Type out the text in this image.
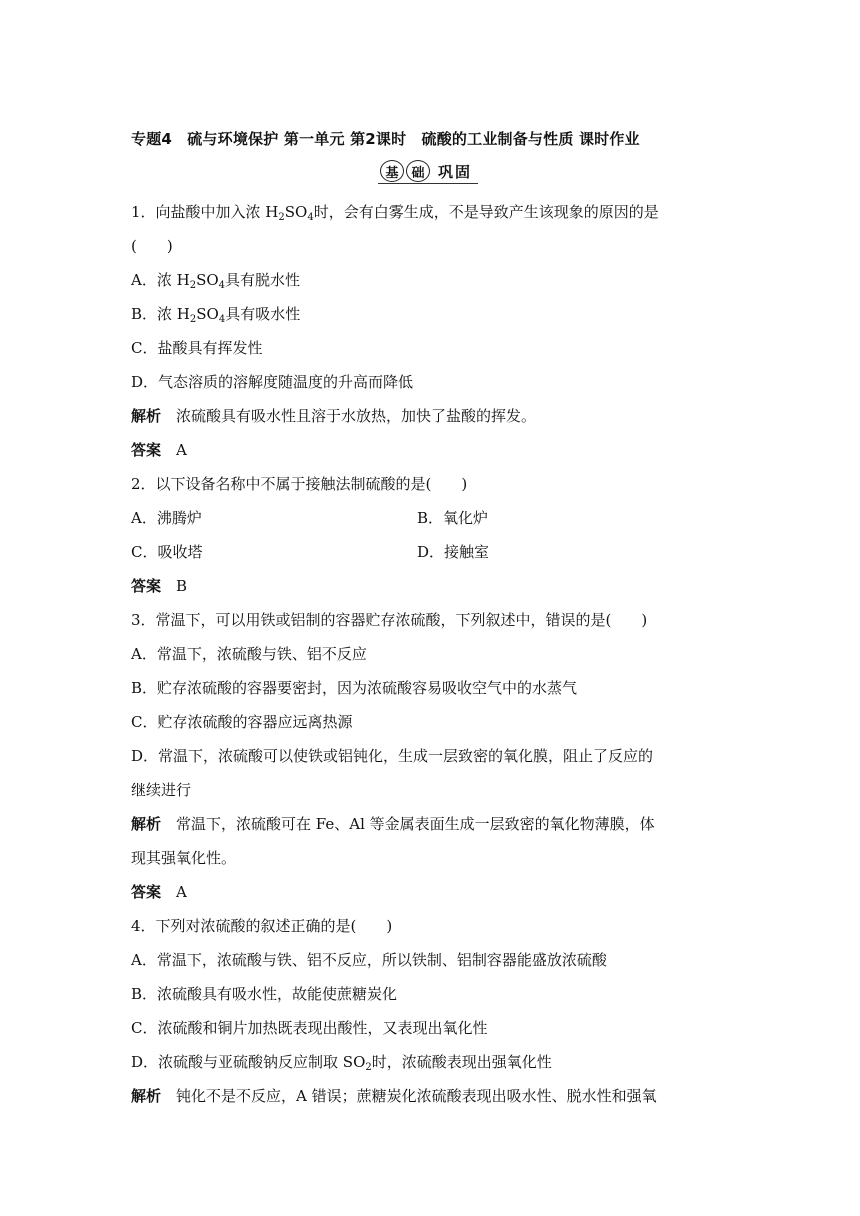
专题4　硫与环境保护 第一单元 第2课时　硫酸的工业制备与性质 课时作业
基 础 巩固
1．向盐酸中加入浓 $H_2SO_4$时，会有白雾生成，不是导致产生该现象的原因的是
(　　)
A．浓 $H_2SO_4$具有脱水性
B．浓 $H_2SO_4$具有吸水性
C．盐酸具有挥发性
D．气态溶质的溶解度随温度的升高而降低
解析　 浓硫酸具有吸水性且溶于水放热，加快了盐酸的挥发。
答案　 A
2．以下设备名称中不属于接触法制硫酸的是(　　)
A．沸腾炉	B．氧化炉
C．吸收塔	D．接触室
答案　 B
3．常温下，可以用铁或铝制的容器贮存浓硫酸，下列叙述中，错误的是(　　)
A．常温下，浓硫酸与铁、铝不反应
B．贮存浓硫酸的容器要密封，因为浓硫酸容易吸收空气中的水蒸气
C．贮存浓硫酸的容器应远离热源
D．常温下，浓硫酸可以使铁或铝钝化，生成一层致密的氧化膜，阻止了反应的
继续进行
解析　 常温下，浓硫酸可在 Fe、Al 等金属表面生成一层致密的氧化物薄膜，体
现其强氧化性。
答案　 A
4．下列对浓硫酸的叙述正确的是(　　)
A．常温下，浓硫酸与铁、铝不反应，所以铁制、铝制容器能盛放浓硫酸
B．浓硫酸具有吸水性，故能使蔗糖炭化
C．浓硫酸和铜片加热既表现出酸性，又表现出氧化性
D．浓硫酸与亚硫酸钠反应制取 $SO_2$时，浓硫酸表现出强氧化性
解析　 钝化不是不反应，A 错误；蔗糖炭化浓硫酸表现出吸水性、脱水性和强氧
